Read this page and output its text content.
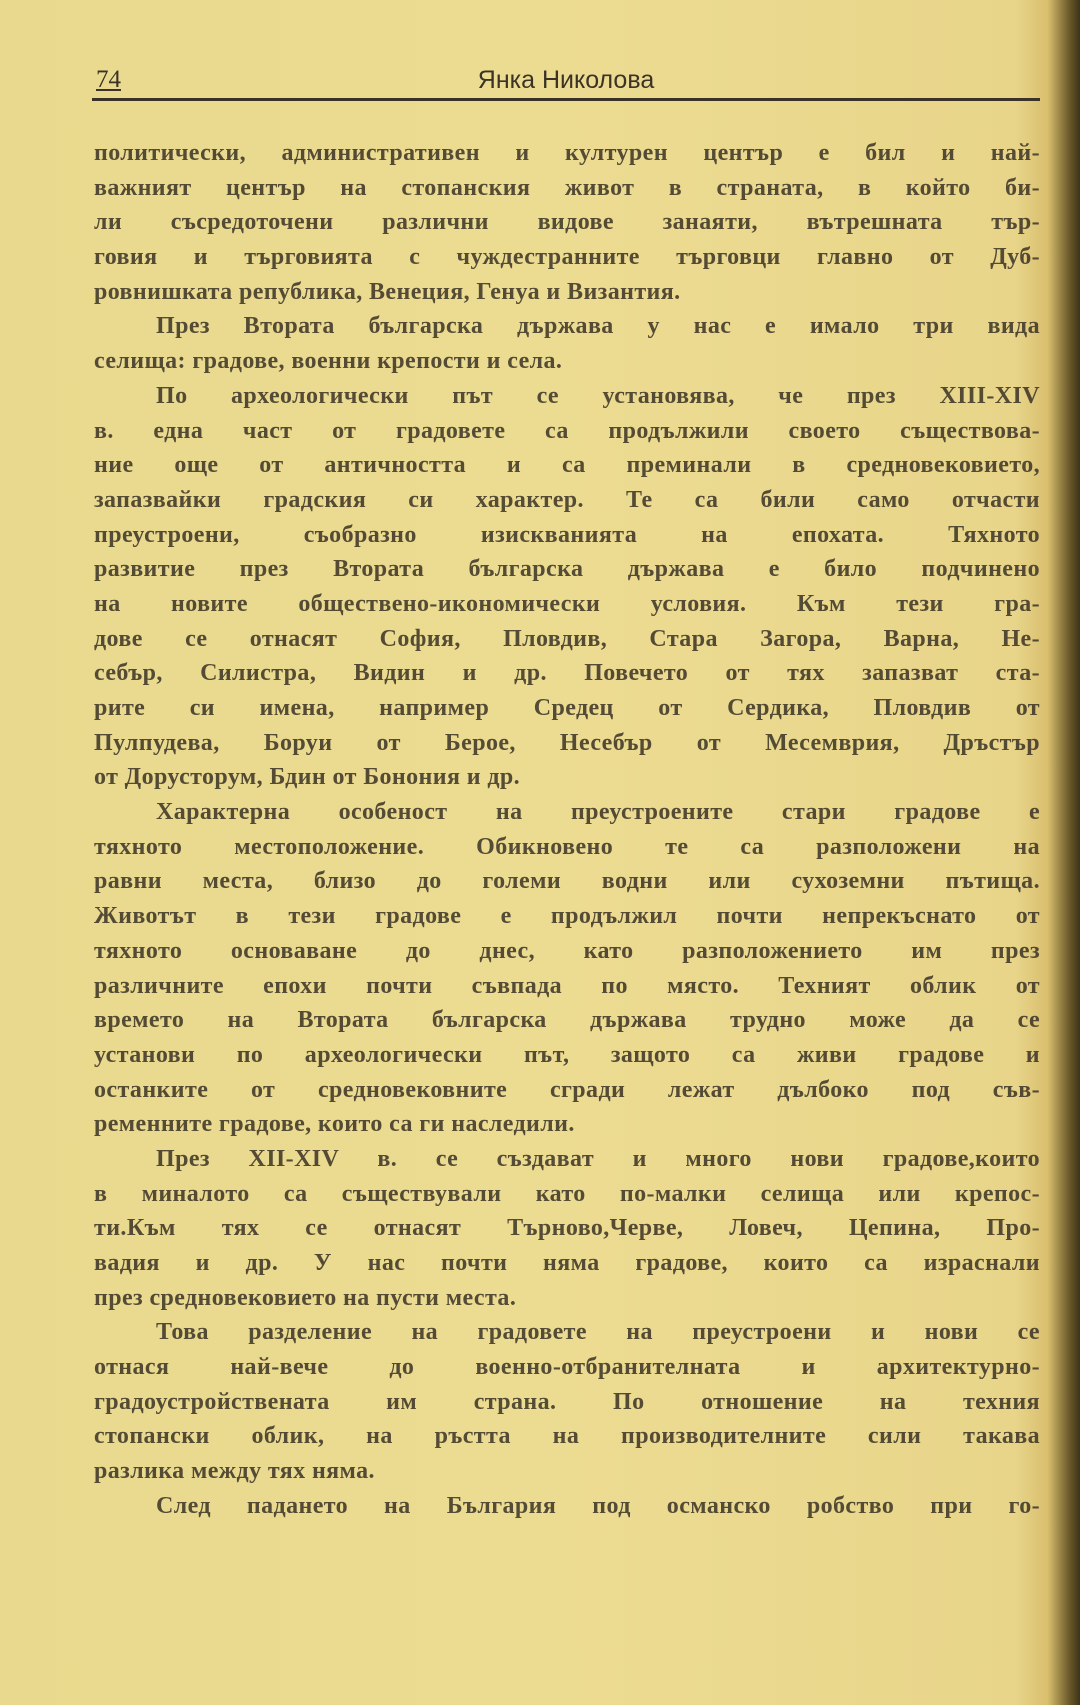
74	Янка Николова
политически, административен и културен център е бил и най-
важният център на стопанския живот в страната, в който би-
ли съсредоточени различни видове занаяти, вътрешната тър-
говия и търговията с чуждестранните търговци главно от Дуб-
ровнишката република, Венеция, Генуа и Византия.
През Втората българска държава у нас е имало три вида
селища: градове, военни крепости и села.
По археологически път се установява, че през XIII-XIV
в. една част от градовете са продължили своето съществова-
ние още от античността и са преминали в средновековието,
запазвайки градския си характер. Те са били само отчасти
преустроени, съобразно изискванията на епохата. Тяхното
развитие през Втората българска държава е било подчинено
на новите обществено-икономически условия. Към тези гра-
дове се отнасят София, Пловдив, Стара Загора, Варна, Не-
себър, Силистра, Видин и др. Повечето от тях запазват ста-
рите си имена, например Средец от Сердика, Пловдив от
Пулпудева, Боруи от Берое, Несебър от Месемврия, Дръстър
от Дорусторум, Бдин от Бонония и др.
Характерна особеност на преустроените стари градове е
тяхното местоположение. Обикновено те са разположени на
равни места, близо до големи водни или сухоземни пътища.
Животът в тези градове е продължил почти непрекъснато от
тяхното основаване до днес, като разположението им през
различните епохи почти съвпада по място. Техният облик от
времето на Втората българска държава трудно може да се
установи по археологически път, защото са живи градове и
останките от средновековните сгради лежат дълбоко под съв-
ременните градове, които са ги наследили.
През XII-XIV в. се създават и много нови градове,които
в миналото са съществували като по-малки селища или крепос-
ти.Към тях се отнасят Търново,Черве, Ловеч, Цепина, Про-
вадия и др. У нас почти няма градове, които са израснали
през средновековието на пусти места.
Това разделение на градовете на преустроени и нови се
отнася най-вече до военно-отбранителната и архитектурно-
градоустройствената им страна. По отношение на техния
стопански облик, на ръстта на производителните сили такава
разлика между тях няма.
След падането на България под османско робство при го-
